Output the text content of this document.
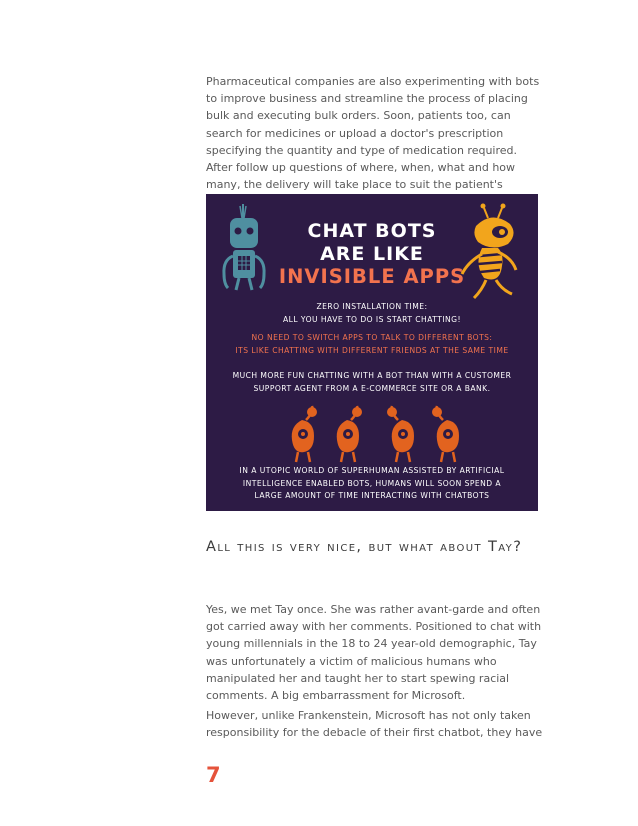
Pharmaceutical companies are also experimenting with bots to improve business and streamline the process of placing bulk and executing bulk orders. Soon, patients too, can search for medicines or upload a doctor's prescription specifying the quantity and type of medication required. After follow up questions of where, when, what and how many, the delivery will take place to suit the patient's

CHAT BOTS
ARE LIKE
INVISIBLE APPS

ZERO INSTALLATION TIME:
ALL YOU HAVE TO DO IS START CHATTING!

NO NEED TO SWITCH APPS TO TALK TO DIFFERENT BOTS:
ITS LIKE CHATTING WITH DIFFERENT FRIENDS AT THE SAME TIME

MUCH MORE FUN CHATTING WITH A BOT THAN WITH A CUSTOMER
SUPPORT AGENT FROM A E-COMMERCE SITE OR A BANK.

IN A UTOPIC WORLD OF SUPERHUMAN ASSISTED BY ARTIFICIAL
INTELLIGENCE ENABLED BOTS, HUMANS WILL SOON SPEND A
LARGE AMOUNT OF TIME INTERACTING WITH CHATBOTS

All this is very nice, but what about Tay?

Yes, we met Tay once. She was rather avant-garde and often got carried away with her comments. Positioned to chat with young millennials in the 18 to 24 year-old demographic, Tay was unfortunately a victim of malicious humans who manipulated her and taught her to start spewing racial comments. A big embarrassment for Microsoft.

However, unlike Frankenstein, Microsoft has not only taken responsibility for the debacle of their first chatbot, they have

7
